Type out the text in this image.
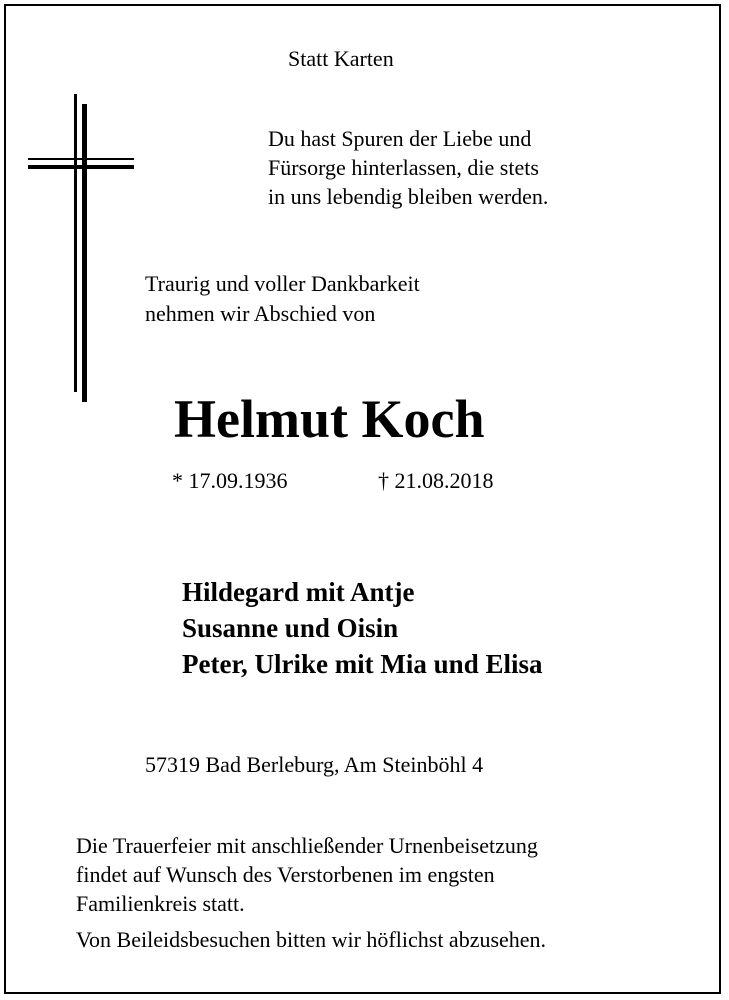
Statt Karten

Du hast Spuren der Liebe und
Fürsorge hinterlassen, die stets
in uns lebendig bleiben werden.
Traurig und voller Dankbarkeit
nehmen wir Abschied von
Helmut Koch

* 17.09.1936	† 21.08.2018

Hildegard mit Antje
Susanne und Oisin
Peter, Ulrike mit Mia und Elisa

57319 Bad Berleburg, Am Steinböhl 4

Die Trauerfeier mit anschließender Urnenbeisetzung
findet auf Wunsch des Verstorbenen im engsten
Familienkreis statt.

Von Beileidsbesuchen bitten wir höflichst abzusehen.
